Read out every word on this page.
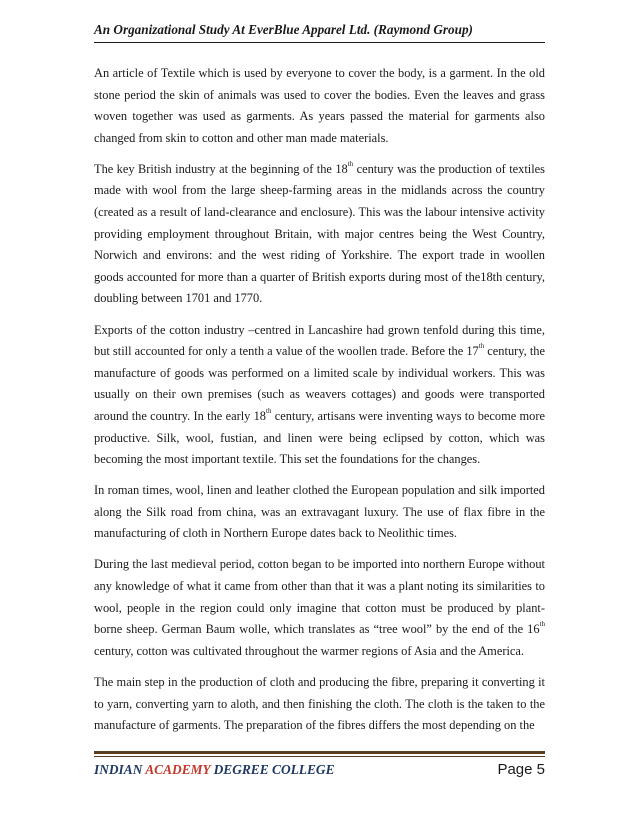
An Organizational Study At EverBlue Apparel Ltd. (Raymond Group)

An article of Textile which is used by everyone to cover the body, is a garment. In the old stone period the skin of animals was used to cover the bodies. Even the leaves and grass woven together was used as garments. As years passed the material for garments also changed from skin to cotton and other man made materials.

The key British industry at the beginning of the 18th century was the production of textiles made with wool from the large sheep-farming areas in the midlands across the country (created as a result of land-clearance and enclosure). This was the labour intensive activity providing employment throughout Britain, with major centres being the West Country, Norwich and environs: and the west riding of Yorkshire. The export trade in woollen goods accounted for more than a quarter of British exports during most of the18th century, doubling between 1701 and 1770.

Exports of the cotton industry –centred in Lancashire had grown tenfold during this time, but still accounted for only a tenth a value of the woollen trade. Before the 17th century, the manufacture of goods was performed on a limited scale by individual workers. This was usually on their own premises (such as weavers cottages) and goods were transported around the country. In the early 18th century, artisans were inventing ways to become more productive. Silk, wool, fustian, and linen were being eclipsed by cotton, which was becoming the most important textile. This set the foundations for the changes.

In roman times, wool, linen and leather clothed the European population and silk imported along the Silk road from china, was an extravagant luxury. The use of flax fibre in the manufacturing of cloth in Northern Europe dates back to Neolithic times.

During the last medieval period, cotton began to be imported into northern Europe without any knowledge of what it came from other than that it was a plant noting its similarities to wool, people in the region could only imagine that cotton must be produced by plant-borne sheep. German Baum wolle, which translates as “tree wool” by the end of the 16th century, cotton was cultivated throughout the warmer regions of Asia and the America.

The main step in the production of cloth and producing the fibre, preparing it converting it to yarn, converting yarn to aloth, and then finishing the cloth. The cloth is the taken to the manufacture of garments. The preparation of the fibres differs the most depending on the

INDIAN ACADEMY DEGREE COLLEGE	Page 5
